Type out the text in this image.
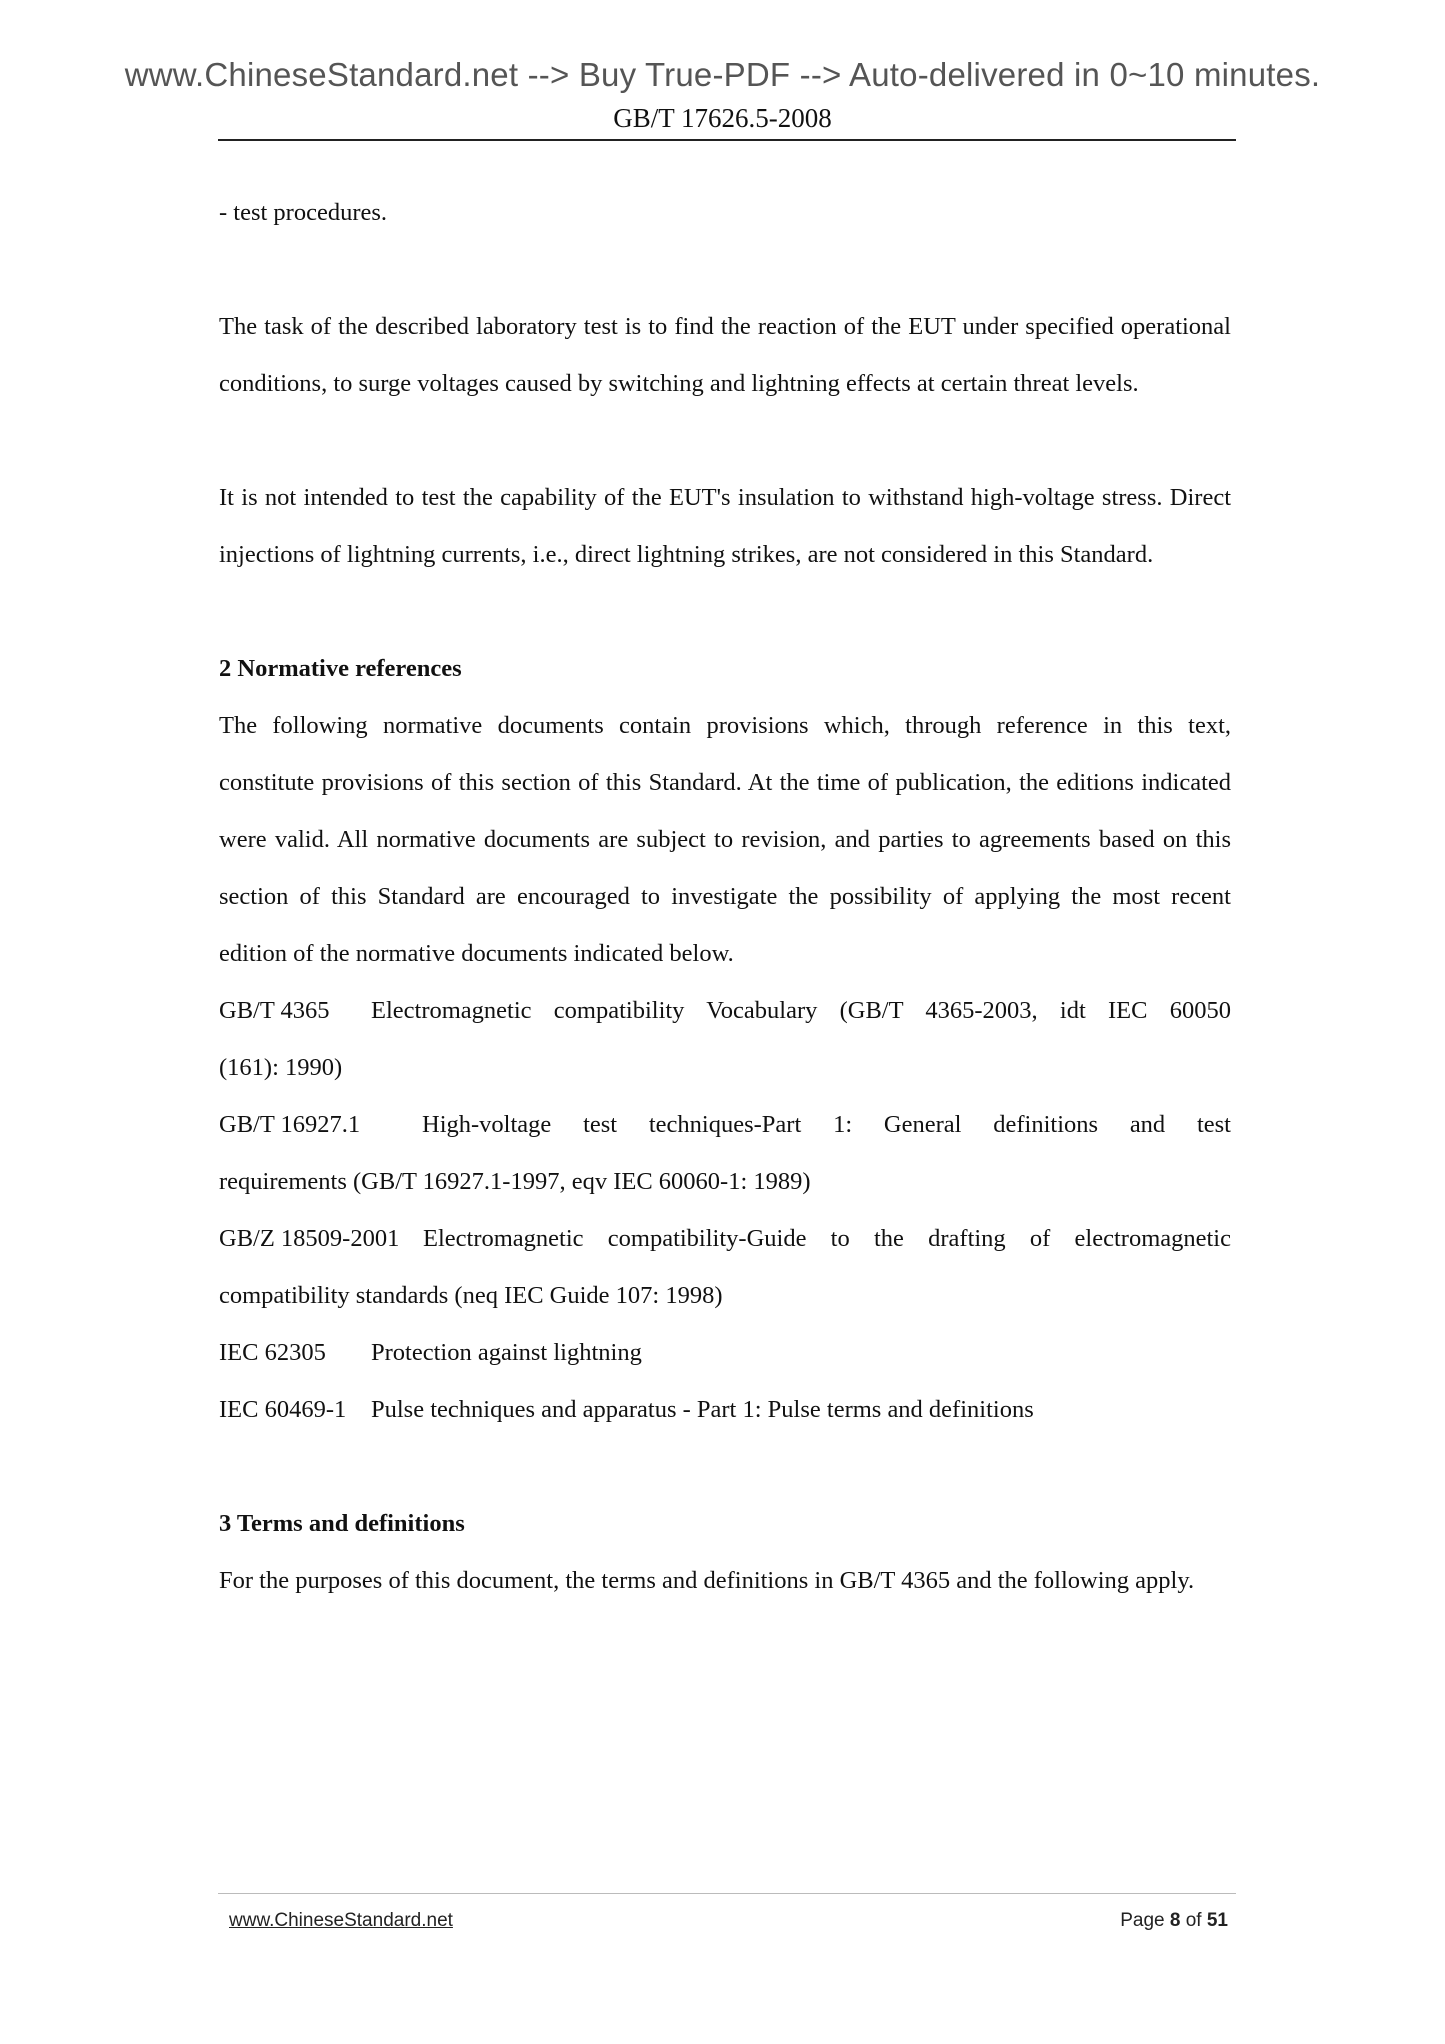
www.ChineseStandard.net --> Buy True-PDF --> Auto-delivered in 0~10 minutes.
GB/T 17626.5-2008

- test procedures.

The task of the described laboratory test is to find the reaction of the EUT under specified operational conditions, to surge voltages caused by switching and lightning effects at certain threat levels.

It is not intended to test the capability of the EUT's insulation to withstand high-voltage stress. Direct injections of lightning currents, i.e., direct lightning strikes, are not considered in this Standard.

2 Normative references

The following normative documents contain provisions which, through reference in this text, constitute provisions of this section of this Standard. At the time of publication, the editions indicated were valid. All normative documents are subject to revision, and parties to agreements based on this section of this Standard are encouraged to investigate the possibility of applying the most recent edition of the normative documents indicated below.

GB/T 4365	Electromagnetic compatibility Vocabulary (GB/T 4365-2003, idt IEC 60050

(161): 1990)

GB/T 16927.1	High-voltage test techniques-Part 1: General definitions and test

requirements (GB/T 16927.1-1997, eqv IEC 60060-1: 1989)

GB/Z 18509-2001 Electromagnetic compatibility-Guide to the drafting of electromagnetic

compatibility standards (neq IEC Guide 107: 1998)

IEC 62305	Protection against lightning
IEC 60469-1	Pulse techniques and apparatus - Part 1: Pulse terms and definitions

3 Terms and definitions

For the purposes of this document, the terms and definitions in GB/T 4365 and the following apply.

www.ChineseStandard.net	Page 8 of 51
